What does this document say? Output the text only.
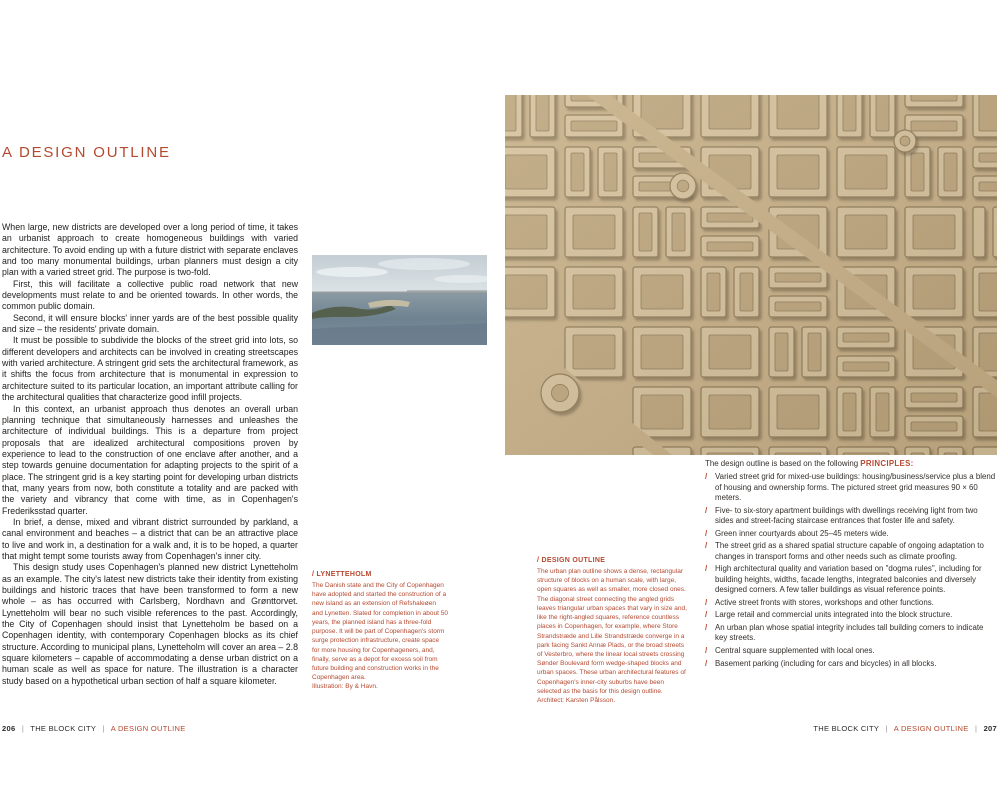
A DESIGN OUTLINE

When large, new districts are developed over a long period of time, it takes an urbanist approach to create homogeneous buildings with varied architecture. To avoid ending up with a future district with separate enclaves and too many monumental buildings, urban planners must design a city plan with a varied street grid. The purpose is two-fold.

First, this will facilitate a collective public road network that new developments must relate to and be oriented towards. In other words, the common public domain.

Second, it will ensure blocks' inner yards are of the best possible quality and size – the residents' private domain.

It must be possible to subdivide the blocks of the street grid into lots, so different developers and architects can be involved in creating streetscapes with varied architecture. A stringent grid sets the architectural framework, as it shifts the focus from architecture that is monumental in expression to architecture suited to its particular location, an important attribute calling for the architectural qualities that characterize good infill projects.

In this context, an urbanist approach thus denotes an overall urban planning technique that simultaneously harnesses and unleashes the architecture of individual buildings. This is a departure from project proposals that are idealized architectural compositions proven by experience to lead to the construction of one enclave after another, and a step towards genuine documentation for adapting projects to the spirit of a place. The stringent grid is a key starting point for developing urban districts that, many years from now, both constitute a totality and are packed with the variety and vibrancy that come with time, as in Copenhagen's Frederiksstad quarter.

In brief, a dense, mixed and vibrant district surrounded by parkland, a canal environment and beaches – a district that can be an attractive place to live and work in, a destination for a walk and, it is to be hoped, a quarter that might tempt some tourists away from Copenhagen's inner city.

This design study uses Copenhagen's planned new district Lynetteholm as an example. The city's latest new districts take their identity from existing buildings and historic traces that have been transformed to form a new whole – as has occurred with Carlsberg, Nordhavn and Grønttorvet. Lynetteholm will bear no such visible references to the past. Accordingly, the City of Copenhagen should insist that Lynetteholm be based on a Copenhagen identity, with contemporary Copenhagen blocks as its chief structure. According to municipal plans, Lynetteholm will cover an area – 2.8 square kilometers – capable of accommodating a dense urban district on a human scale as well as space for nature. The illustration is a character study based on a hypothetical urban section of half a square kilometer.

/ LYNETTEHOLM
The Danish state and the City of Copenhagen have adopted and started the construction of a new island as an extension of Refshaleøen and Lynetten. Slated for completion in about 50 years, the planned island has a three-fold purpose. It will be part of Copenhagen's storm surge protection infrastructure, create space for more housing for Copenhageners, and, finally, serve as a depot for excess soil from future building and construction works in the Copenhagen area.
Illustration: By & Havn.
206 | THE BLOCK CITY | A DESIGN OUTLINE
/ DESIGN OUTLINE
The urban plan outline shows a dense, rectangular structure of blocks on a human scale, with large, open squares as well as smaller, more closed ones. The diagonal street connecting the angled grids leaves triangular urban spaces that vary in size and, like the right-angled squares, reference countless places in Copenhagen, for example, where Store Strandstræde and Lille Strandstræde converge in a park facing Sankt Annæ Plads, or the broad streets of Vesterbro, where the linear local streets crossing Sønder Boulevard form wedge-shaped blocks and urban spaces. These urban architectural features of Copenhagen's inner-city suburbs have been selected as the basis for this design outline.
Architect: Karsten Pålsson.
The design outline is based on the following PRINCIPLES:
/ Varied street grid for mixed-use buildings: housing/business/service plus a blend of housing and ownership forms. The pictured street grid measures 90 × 60 meters.
/ Five- to six-story apartment buildings with dwellings receiving light from two sides and street-facing staircase entrances that foster life and safety.
/ Green inner courtyards about 25–45 meters wide.
/ The street grid as a shared spatial structure capable of ongoing adaptation to changes in transport forms and other needs such as climate proofing.
/ High architectural quality and variation based on "dogma rules", including for building heights, widths, facade lengths, integrated balconies and diversely designed corners. A few taller buildings as visual reference points.
/ Active street fronts with stores, workshops and other functions.
/ Large retail and commercial units integrated into the block structure.
/ An urban plan whose spatial integrity includes tall building corners to indicate key streets.
/ Central square supplemented with local ones.
/ Basement parking (including for cars and bicycles) in all blocks.
THE BLOCK CITY | A DESIGN OUTLINE | 207
